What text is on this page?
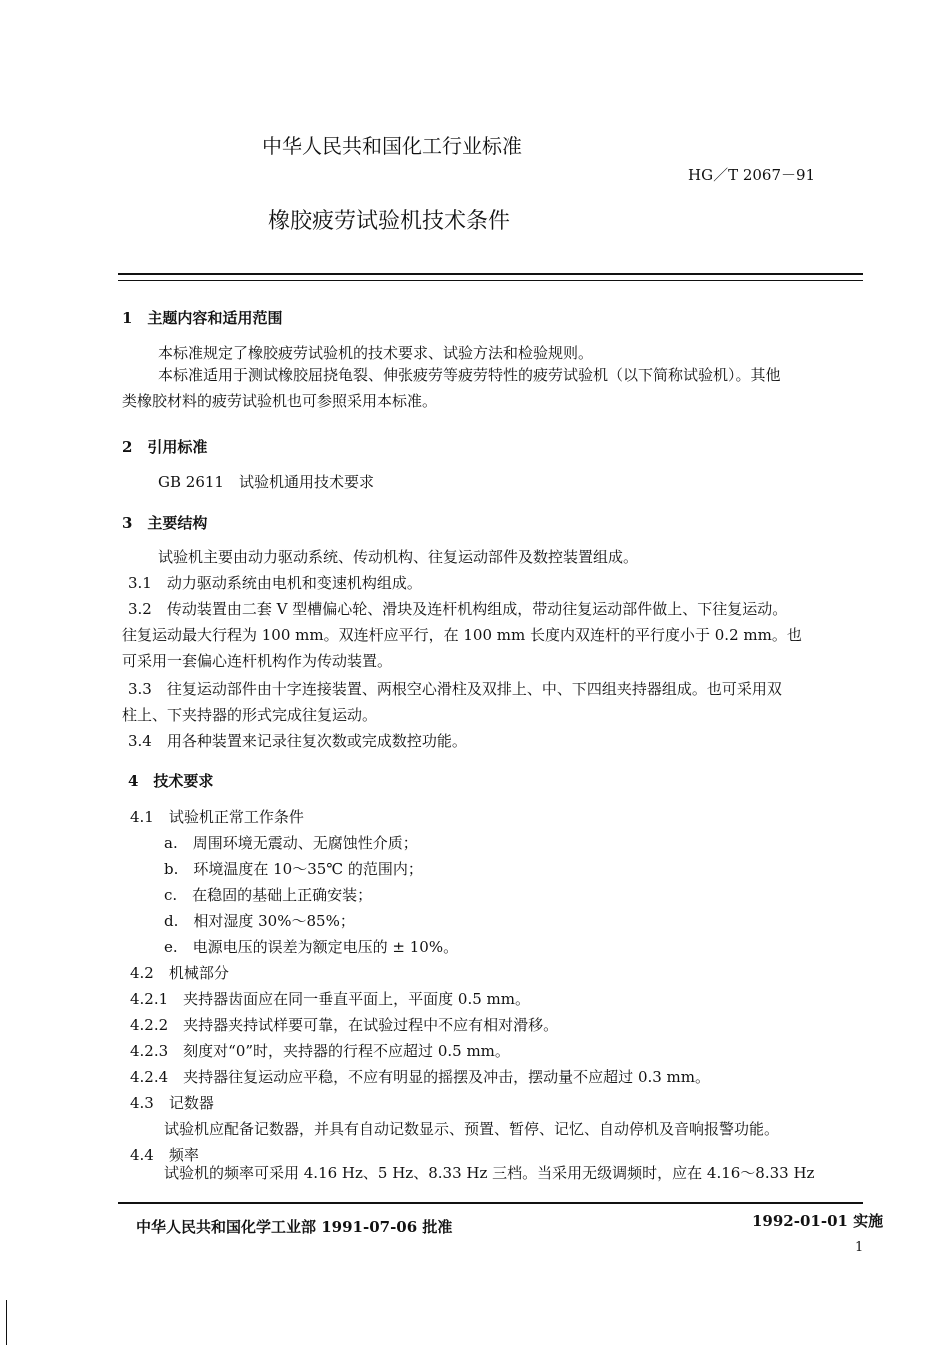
中华人民共和国化工行业标准
HG／T 2067－91
橡胶疲劳试验机技术条件
1　主题内容和适用范围
本标准规定了橡胶疲劳试验机的技术要求、试验方法和检验规则。
本标准适用于测试橡胶屈挠龟裂、伸张疲劳等疲劳特性的疲劳试验机（以下简称试验机）。其他
类橡胶材料的疲劳试验机也可参照采用本标准。
2　引用标准
GB 2611　试验机通用技术要求
3　主要结构
试验机主要由动力驱动系统、传动机构、往复运动部件及数控装置组成。
3.1　动力驱动系统由电机和变速机构组成。
3.2　传动装置由二套 V 型槽偏心轮、滑块及连杆机构组成，带动往复运动部件做上、下往复运动。
往复运动最大行程为 100 mm。双连杆应平行，在 100 mm 长度内双连杆的平行度小于 0.2 mm。也
可采用一套偏心连杆机构作为传动装置。
3.3　往复运动部件由十字连接装置、两根空心滑柱及双排上、中、下四组夹持器组成。也可采用双
柱上、下夹持器的形式完成往复运动。
3.4　用各种装置来记录往复次数或完成数控功能。
4　技术要求
4.1　试验机正常工作条件
a.　周围环境无震动、无腐蚀性介质；
b.　环境温度在 10～35℃ 的范围内；
c.　在稳固的基础上正确安装；
d.　相对湿度 30%～85%；
e.　电源电压的误差为额定电压的 ± 10%。
4.2　机械部分
4.2.1　夹持器齿面应在同一垂直平面上，平面度 0.5 mm。
4.2.2　夹持器夹持试样要可靠，在试验过程中不应有相对滑移。
4.2.3　刻度对“0”时，夹持器的行程不应超过 0.5 mm。
4.2.4　夹持器往复运动应平稳，不应有明显的摇摆及冲击，摆动量不应超过 0.3 mm。
4.3　记数器
试验机应配备记数器，并具有自动记数显示、预置、暂停、记忆、自动停机及音响报警功能。
4.4　频率
试验机的频率可采用 4.16 Hz、5 Hz、8.33 Hz 三档。当采用无级调频时，应在 4.16～8.33 Hz
中华人民共和国化学工业部 1991-07-06 批准	1992-01-01 实施
1
